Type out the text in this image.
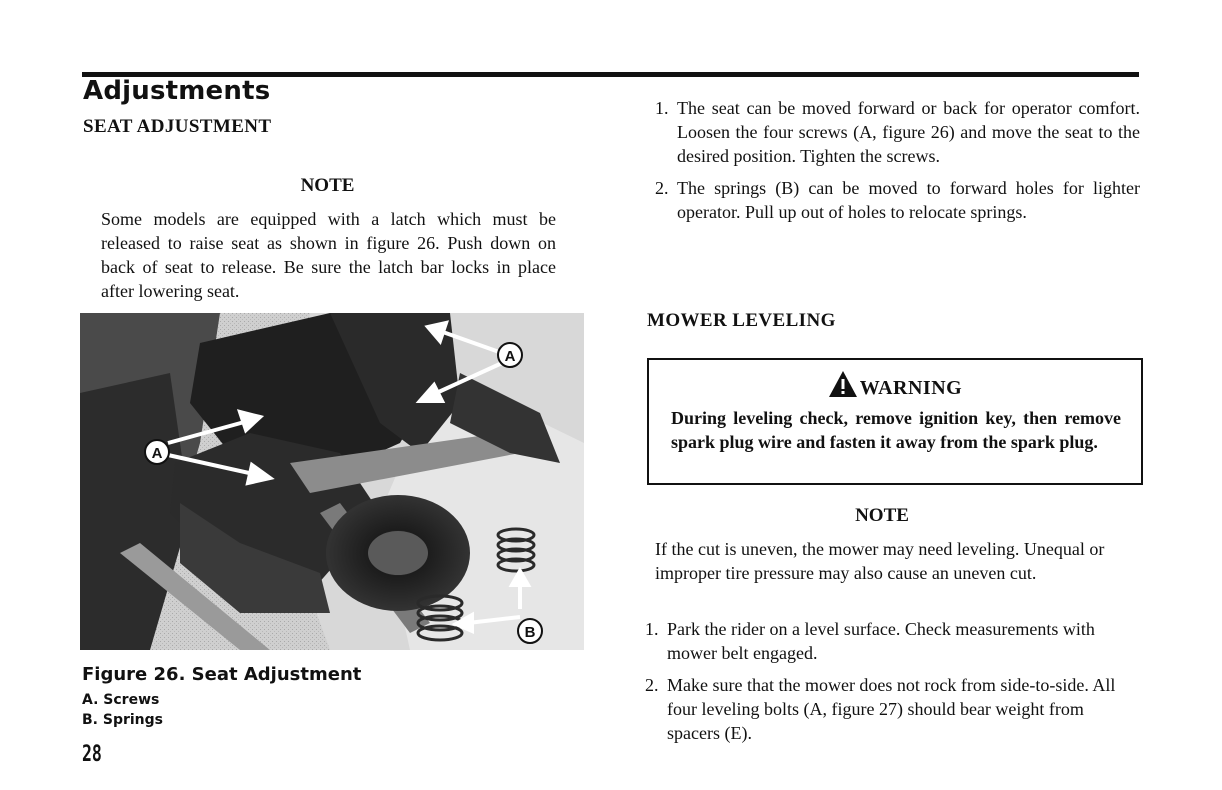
Adjustments
SEAT ADJUSTMENT
NOTE
Some models are equipped with a latch which must be released to raise seat as shown in figure 26. Push down on back of seat to release. Be sure the latch bar locks in place after lowering seat.
A
A
B
Figure 26. Seat Adjustment
A. Screws
B. Springs
28
1. The seat can be moved forward or back for operator comfort. Loosen the four screws (A, figure 26) and move the seat to the desired position. Tighten the screws.
2. The springs (B) can be moved to forward holes for lighter operator. Pull up out of holes to relocate springs.
MOWER LEVELING
WARNING
During leveling check, remove ignition key, then remove spark plug wire and fasten it away from the spark plug.
NOTE
If the cut is uneven, the mower may need leveling. Unequal or improper tire pressure may also cause an uneven cut.
1. Park the rider on a level surface. Check measurements with mower belt engaged.
2. Make sure that the mower does not rock from side-to-side. All four leveling bolts (A, figure 27) should bear weight from spacers (E).
